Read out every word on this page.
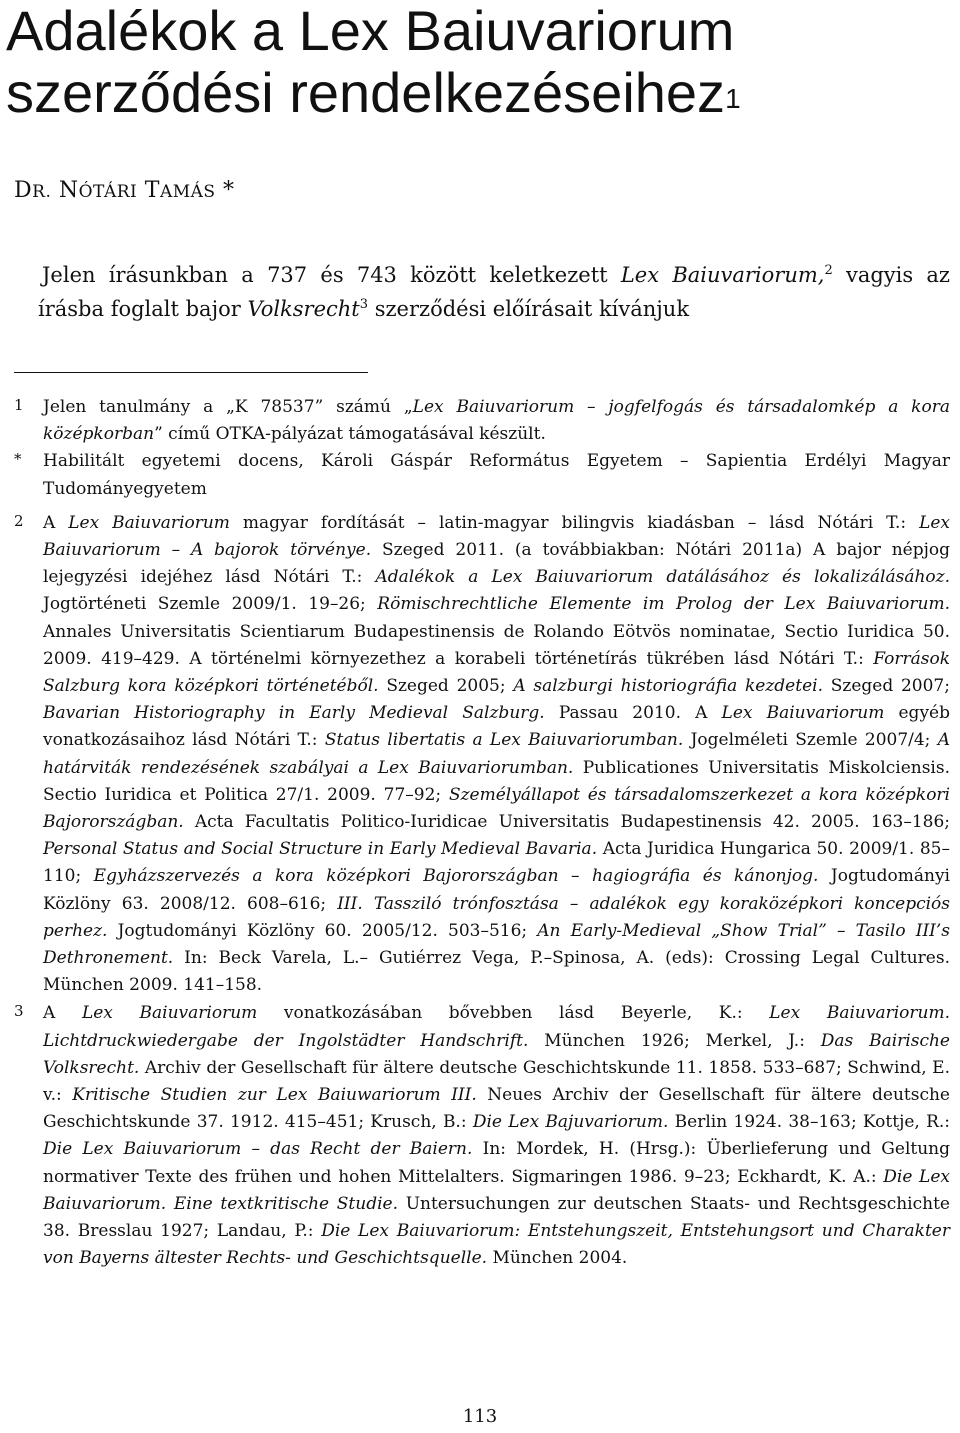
Adalékok a Lex Baiuvariorum
szerződési rendelkezéseihez$^1$
DR. NÓTÁRI TAMÁS *

Jelen írásunkban a 737 és 743 között keletkezett Lex Baiuvariorum,$^2$ vagyis az írásba foglalt bajor Volksrecht$^3$ szerződési előírásait kívánjuk

1 Jelen tanulmány a „K 78537” számú „Lex Baiuvariorum – jogfelfogás és társadalomkép a kora középkorban” című OTKA-pályázat támogatásával készült.
* Habilitált egyetemi docens, Károli Gáspár Református Egyetem – Sapientia Erdélyi Magyar Tudományegyetem
2 A Lex Baiuvariorum magyar fordítását – latin-magyar bilingvis kiadásban – lásd Nótári T.: Lex Baiuvariorum – A bajorok törvénye. Szeged 2011. (a továbbiakban: Nótári 2011a) A bajor népjog lejegyzési idejéhez lásd Nótári T.: Adalékok a Lex Baiuvariorum datálásához és lokalizálásához. Jogtörténeti Szemle 2009/1. 19–26; Römischrechtliche Elemente im Prolog der Lex Baiuvariorum. Annales Universitatis Scientiarum Budapestinensis de Rolando Eötvös nominatae, Sectio Iuridica 50. 2009. 419–429. A történelmi környezethez a korabeli történetírás tükrében lásd Nótári T.: Források Salzburg kora középkori történetéből. Szeged 2005; A salzburgi historiográfia kezdetei. Szeged 2007; Bavarian Historiography in Early Medieval Salzburg. Passau 2010. A Lex Baiuvariorum egyéb vonatkozásaihoz lásd Nótári T.: Status libertatis a Lex Baiuvariorumban. Jogelméleti Szemle 2007/4; A határviták rendezésének szabályai a Lex Baiuvariorumban. Publicationes Universitatis Miskolciensis. Sectio Iuridica et Politica 27/1. 2009. 77–92; Személyállapot és társadalomszerkezet a kora középkori Bajorországban. Acta Facultatis Politico-Iuridicae Universitatis Budapestinensis 42. 2005. 163–186; Personal Status and Social Structure in Early Medieval Bavaria. Acta Juridica Hungarica 50. 2009/1. 85–110; Egyházszervezés a kora középkori Bajorországban – hagiográfia és kánonjog. Jogtudományi Közlöny 63. 2008/12. 608–616; III. Tassziló trónfosztása – adalékok egy koraközépkori koncepciós perhez. Jogtudományi Közlöny 60. 2005/12. 503–516; An Early-Medieval „Show Trial” – Tasilo III’s Dethronement. In: Beck Varela, L.– Gutiérrez Vega, P.–Spinosa, A. (eds): Crossing Legal Cultures. München 2009. 141–158.
3 A Lex Baiuvariorum vonatkozásában bővebben lásd Beyerle, K.: Lex Baiuvariorum. Lichtdruckwiedergabe der Ingolstädter Handschrift. München 1926; Merkel, J.: Das Bairische Volksrecht. Archiv der Gesellschaft für ältere deutsche Geschichtskunde 11. 1858. 533–687; Schwind, E. v.: Kritische Studien zur Lex Baiuwariorum III. Neues Archiv der Gesellschaft für ältere deutsche Geschichtskunde 37. 1912. 415–451; Krusch, B.: Die Lex Bajuvariorum. Berlin 1924. 38–163; Kottje, R.: Die Lex Baiuvariorum – das Recht der Baiern. In: Mordek, H. (Hrsg.): Überlieferung und Geltung normativer Texte des frühen und hohen Mittelalters. Sigmaringen 1986. 9–23; Eckhardt, K. A.: Die Lex Baiuvariorum. Eine textkritische Studie. Untersuchungen zur deutschen Staats- und Rechtsgeschichte 38. Bresslau 1927; Landau, P.: Die Lex Baiuvariorum: Entstehungszeit, Entstehungsort und Charakter von Bayerns ältester Rechts- und Geschichtsquelle. München 2004.
113
